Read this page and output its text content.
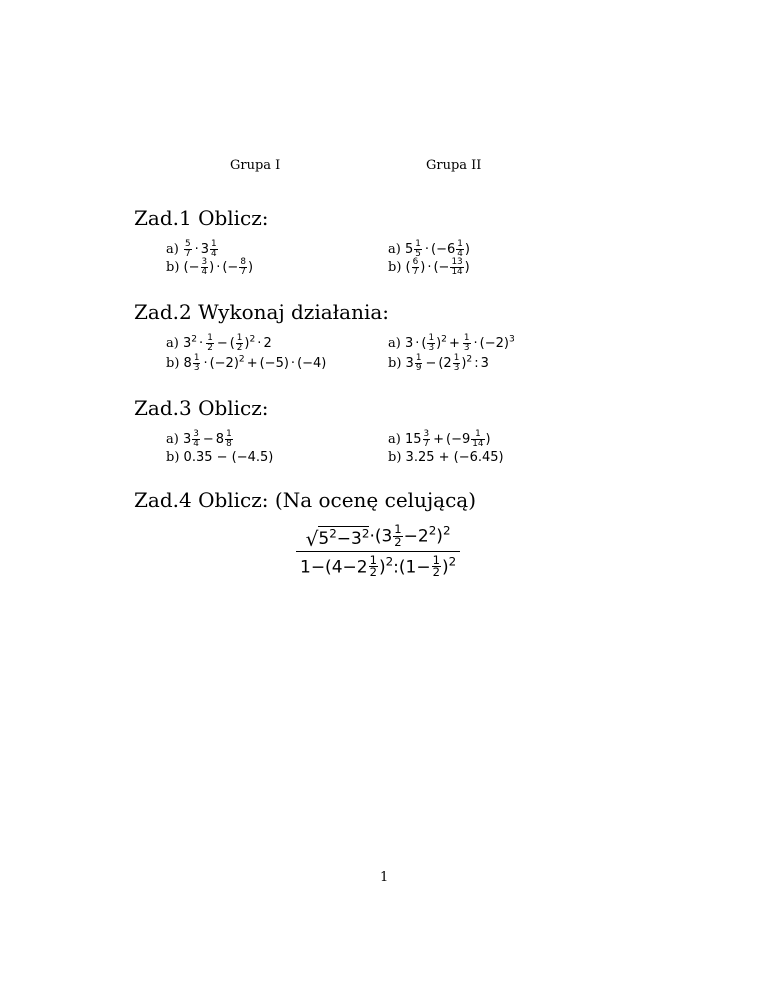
Grupa I	Grupa II
Zad.1 Oblicz:
$a) \frac{5}{7} \cdot 3 \frac{1}{4}$
b) (− $\frac{3}{4}$ ) · (− $\frac{8}{7}$ )
a) $5 \frac{1}{5} \cdot (-6 \frac{1}{4}$ )
b) ( $\frac{6}{7}$ ) · (− $\frac{13}{14}$ )
Zad.2 Wykonaj działania:
a) $3^2 \cdot \frac{1}{2}$ − ( $\frac{1}{2} )^2 \cdot 2$
b) $8 \frac{1}{3} \cdot (-2)^2 + (-5) \cdot (-4)$
a) 3 · ( $\frac{1}{3} )^2 + \frac{1}{3} \cdot (-2)^3$
b) $3 \frac{1}{9} - (2 \frac{1}{3} )^2$ : 3
Zad.3 Oblicz:
a) $3 \frac{3}{4} - 8 \frac{1}{8}$
b) 0.35 − (−4.5)
a) $15 \frac{3}{7} + (-9 \frac{1}{14}$ )
b) 3.25 + (−6.45)
Zad.4 Oblicz: (Na ocenę celującą)
√ $5^2-3^2 \cdot(3 \frac{1}{2} -2^2)^2$
$1-(4-2 \frac{1}{2}$ )$^2:(1- \frac{1}{2} )^2$
1
